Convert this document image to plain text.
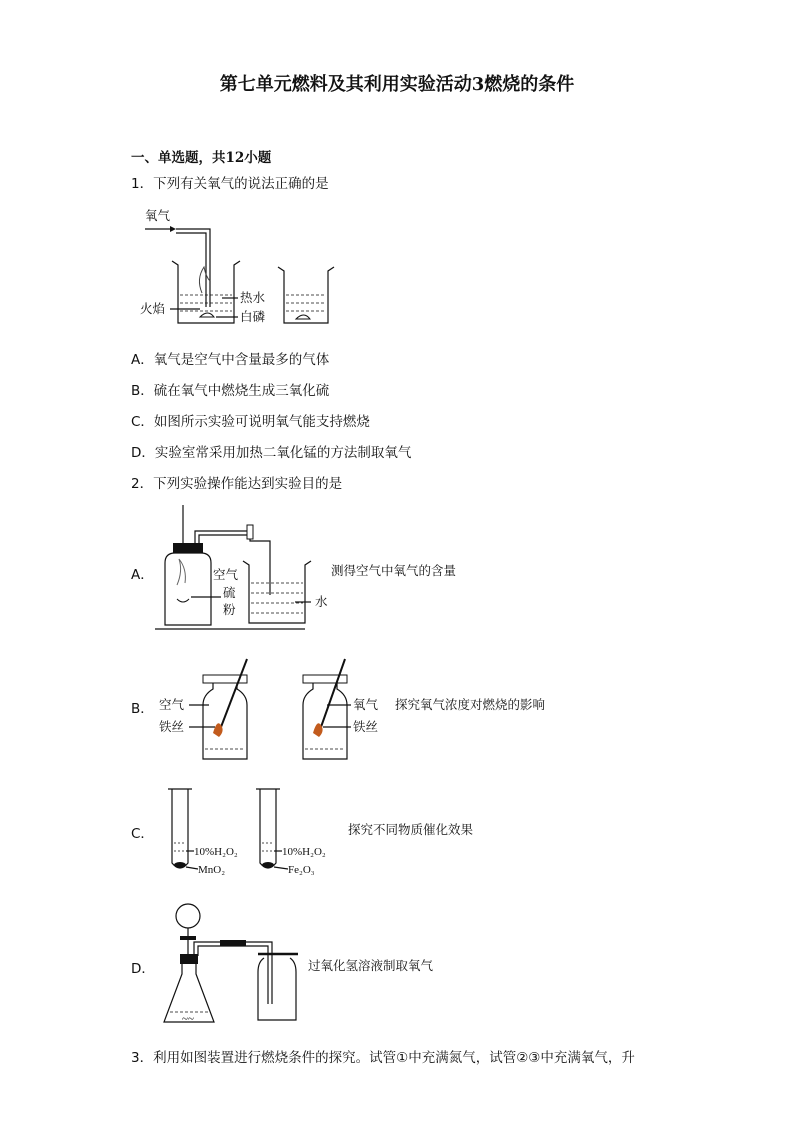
第七单元燃料及其利用实验活动3燃烧的条件
一、单选题，共12小题
1．下列有关氧气的说法正确的是
氧气
热水
白磷
火焰
A．氧气是空气中含量最多的气体
B．硫在氧气中燃烧生成三氧化硫
C．如图所示实验可说明氧气能支持燃烧
D．实验室常采用加热二氧化锰的方法制取氧气
2．下列实验操作能达到实验目的是
A．	空气
硫
粉
水
测得空气中氧气的含量
B． 空气
铁丝
氧气
铁丝
探究氧气浓度对燃烧的影响
C．
10%H₂O₂
MnO₂
10%H₂O₂
Fe₂O₃
探究不同物质催化效果
D．
~~
过氧化氢溶液制取氧气
3．利用如图装置进行燃烧条件的探究。试管①中充满氮气，试管②③中充满氧气，升
